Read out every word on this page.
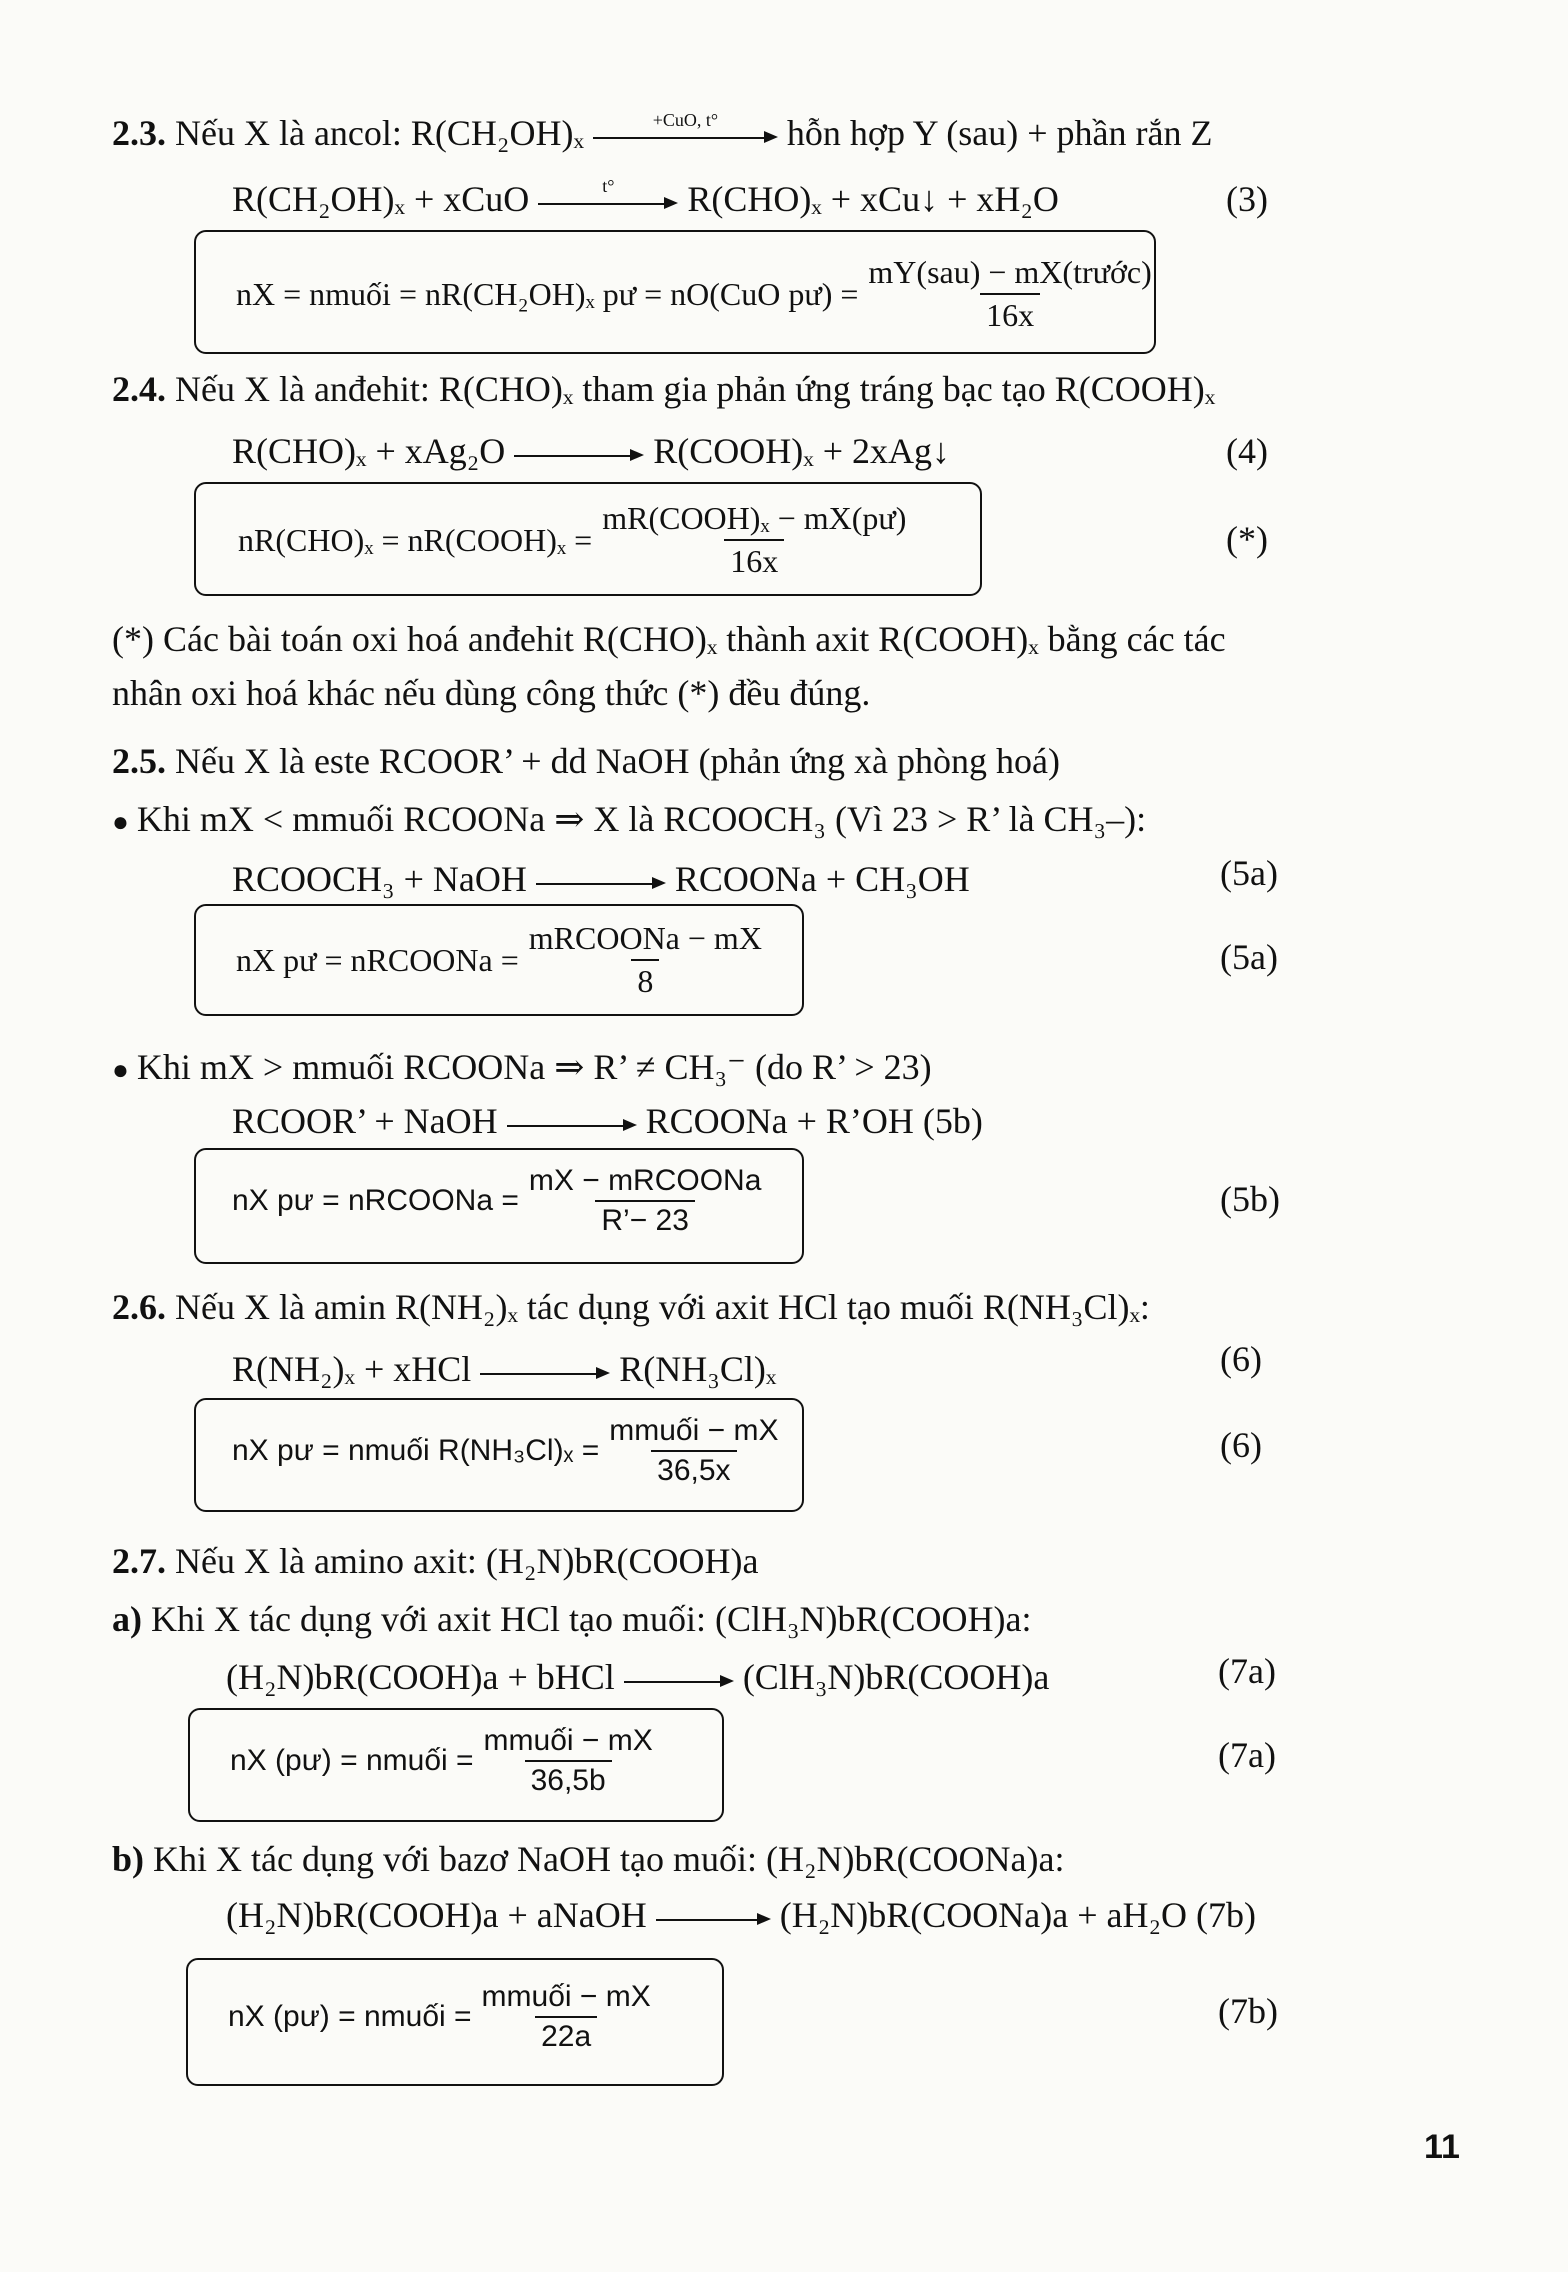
2.3. Nếu X là ancol: R(CH₂OH)ₓ	+CuO, t°	hỗn hợp Y (sau) + phần rắn Z
R(CH₂OH)ₓ + xCuO	t°	R(CHO)ₓ + xCu↓ + xH₂O	(3)
nX = nmuối = nR(CH₂OH)ₓ pư = nO(CuO pư) = $\frac{\text{mY(sau) − mX(trước)}}{16x}$
2.4. Nếu X là anđehit: R(CHO)ₓ tham gia phản ứng tráng bạc tạo R(COOH)ₓ
R(CHO)ₓ + xAg₂O	R(COOH)ₓ + 2xAg↓	(4)
nR(CHO)ₓ = nR(COOH)ₓ = $\frac{\text{mR(COOH)ₓ − mX(pư)}}{16x}$	(*)
(*) Các bài toán oxi hoá anđehit R(CHO)ₓ thành axit R(COOH)ₓ bằng các tác
nhân oxi hoá khác nếu dùng công thức (*) đều đúng.
2.5. Nếu X là este RCOOR’ + dd NaOH (phản ứng xà phòng hoá)
● Khi mX < mmuối RCOONa ⇒ X là RCOOCH₃ (Vì 23 > R’ là CH₃–):
RCOOCH₃ + NaOH	RCOONa + CH₃OH	(5a)
nX pư = nRCOONa = $\frac{\text{mRCOONa − mX}}{8}$	(5a)
● Khi mX > mmuối RCOONa ⇒ R’ ≠ CH₃⁻ (do R’ > 23)
RCOOR’ + NaOH	RCOONa + R’OH (5b)
nX pư = nRCOONa = $\frac{\text{mX − mRCOONa}}{R’- 23}$	(5b)
2.6. Nếu X là amin R(NH₂)ₓ tác dụng với axit HCl tạo muối R(NH₃Cl)ₓ:
R(NH₂)ₓ + xHCl	R(NH₃Cl)ₓ	(6)
nX pư = nmuối $R(NH_3Cl)_x = \frac{\text{mmuối − mX}}{36,5x}$	(6)
2.7. Nếu X là amino axit: (H₂N)bR(COOH)a
a) Khi X tác dụng với axit HCl tạo muối: (ClH₃N)bR(COOH)a:
(H₂N)bR(COOH)a + bHCl	(ClH₃N)bR(COOH)a	(7a)
nX (pư) = nmuối = $\frac{\text{mmuối − mX}}{36,5b}$	(7a)
b) Khi X tác dụng với bazơ NaOH tạo muối: (H₂N)bR(COONa)a:
(H₂N)bR(COOH)a + aNaOH	(H₂N)bR(COONa)a + aH₂O (7b)
nX (pư) = nmuối = $\frac{\text{mmuối − mX}}{22a}$	(7b)
11
